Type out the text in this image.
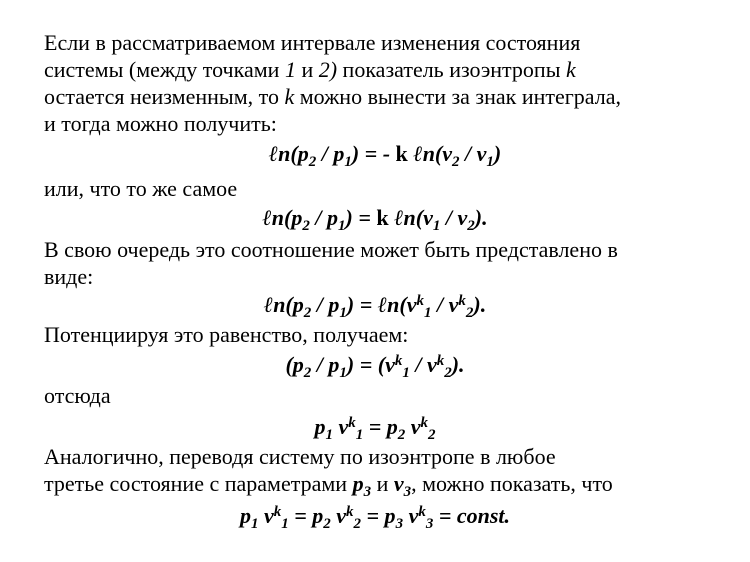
Если в рассматриваемом интервале изменения состояния
системы (между точками 1 и 2) показатель изоэнтропы k
остается неизменным, то k можно вынести за знак интеграла,
и тогда можно получить:
$\ell n(p_2 / p_1)$ = - k $\ell n(v_2 / v_1)$
или, что то же самое
$\ell n(p_2 / p_1) = k$ $\ell n(v_1 / v_2)$.
В свою очередь это соотношение может быть представлено в
виде:
$\ell n(p_2 / p_1)$ = $\ell n(v^k_1 / v^k_2)$.
Потенциируя это равенство, получаем:
$(p_2 / p_1) = (v^k_1 / v^k_2)$.
отсюда
$p_1$ $v^k_1 = p_2$ $v^k_2$
Аналогично, переводя систему по изоэнтропе в любое
третье состояние с параметрами $p_3$ и $v_3$, можно показать, что
$p_1$ $v^k_1 = p_2$ $v^k_2 = p_3$ $v^k_3$ = const.
